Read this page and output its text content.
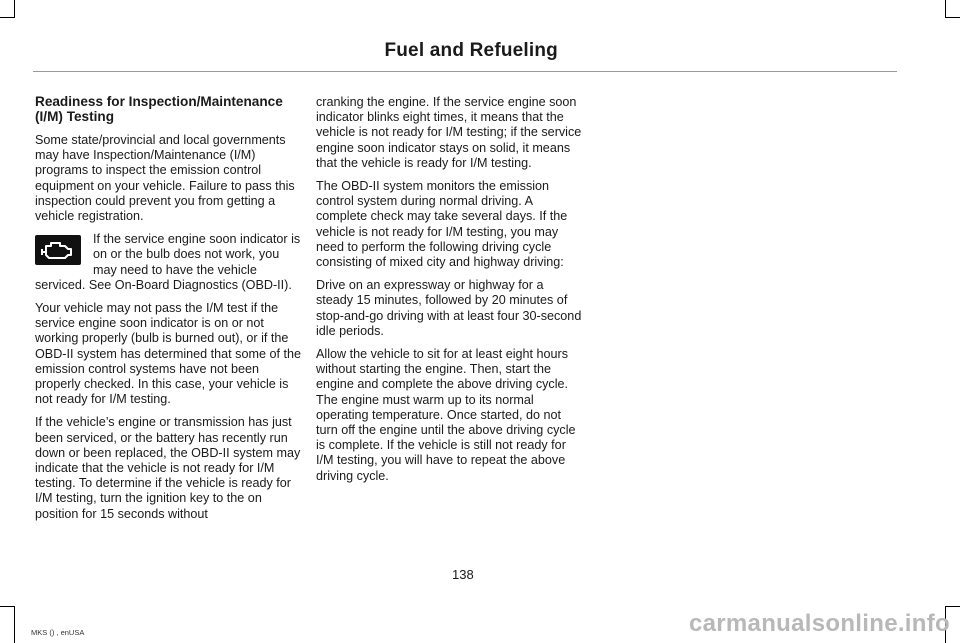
Fuel and Refueling
Readiness for Inspection/Maintenance (I/M) Testing

Some state/provincial and local governments may have Inspection/Maintenance (I/M) programs to inspect the emission control equipment on your vehicle. Failure to pass this inspection could prevent you from getting a vehicle registration.

If the service engine soon indicator is on or the bulb does not work, you may need to have the vehicle serviced. See On-Board Diagnostics (OBD-II).

Your vehicle may not pass the I/M test if the service engine soon indicator is on or not working properly (bulb is burned out), or if the OBD-II system has determined that some of the emission control systems have not been properly checked. In this case, your vehicle is not ready for I/M testing.

If the vehicle’s engine or transmission has just been serviced, or the battery has recently run down or been replaced, the OBD-II system may indicate that the vehicle is not ready for I/M testing. To determine if the vehicle is ready for I/M testing, turn the ignition key to the on position for 15 seconds without

cranking the engine. If the service engine soon indicator blinks eight times, it means that the vehicle is not ready for I/M testing; if the service engine soon indicator stays on solid, it means that the vehicle is ready for I/M testing.

The OBD-II system monitors the emission control system during normal driving. A complete check may take several days. If the vehicle is not ready for I/M testing, you may need to perform the following driving cycle consisting of mixed city and highway driving:

Drive on an expressway or highway for a steady 15 minutes, followed by 20 minutes of stop-and-go driving with at least four 30-second idle periods.

Allow the vehicle to sit for at least eight hours without starting the engine. Then, start the engine and complete the above driving cycle. The engine must warm up to its normal operating temperature. Once started, do not turn off the engine until the above driving cycle is complete. If the vehicle is still not ready for I/M testing, you will have to repeat the above driving cycle.

138
MKS () , enUSA	carmanualsonline.info
